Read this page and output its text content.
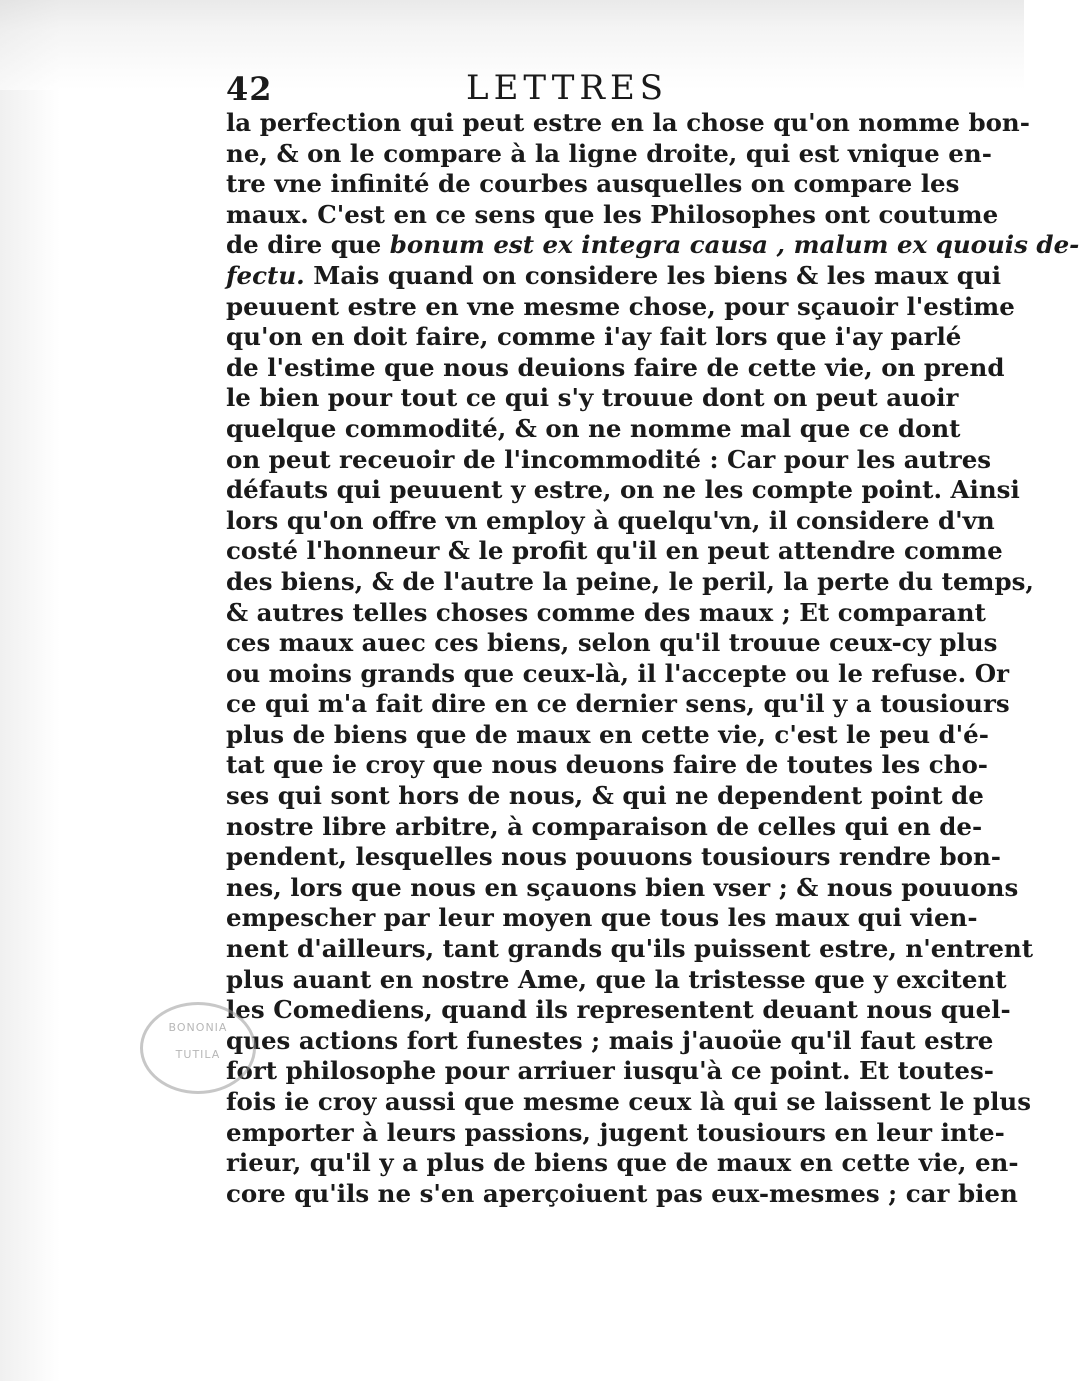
42	LETTRES
la perfection qui peut estre en la chose qu'on nomme bon-
ne, & on le compare à la ligne droite, qui est vnique en-
tre vne infinité de courbes ausquelles on compare les
maux. C'est en ce sens que les Philosophes ont coutume
de dire que bonum est ex integra causa , malum ex quouis de-
fectu. Mais quand on considere les biens & les maux qui
peuuent estre en vne mesme chose, pour sçauoir l'estime
qu'on en doit faire, comme i'ay fait lors que i'ay parlé
de l'estime que nous deuions faire de cette vie, on prend
le bien pour tout ce qui s'y trouue dont on peut auoir
quelque commodité, & on ne nomme mal que ce dont
on peut receuoir de l'incommodité : Car pour les autres
défauts qui peuuent y estre, on ne les compte point. Ainsi
lors qu'on offre vn employ à quelqu'vn, il considere d'vn
costé l'honneur & le profit qu'il en peut attendre comme
des biens, & de l'autre la peine, le peril, la perte du temps,
& autres telles choses comme des maux ; Et comparant
ces maux auec ces biens, selon qu'il trouue ceux-cy plus
ou moins grands que ceux-là, il l'accepte ou le refuse. Or
ce qui m'a fait dire en ce dernier sens, qu'il y a tousiours
plus de biens que de maux en cette vie, c'est le peu d'é-
tat que ie croy que nous deuons faire de toutes les cho-
ses qui sont hors de nous, & qui ne dependent point de
nostre libre arbitre, à comparaison de celles qui en de-
pendent, lesquelles nous pouuons tousiours rendre bon-
nes, lors que nous en sçauons bien vser ; & nous pouuons
empescher par leur moyen que tous les maux qui vien-
nent d'ailleurs, tant grands qu'ils puissent estre, n'entrent
plus auant en nostre Ame, que la tristesse que y excitent
les Comediens, quand ils representent deuant nous quel-
ques actions fort funestes ; mais j'auoüe qu'il faut estre
fort philosophe pour arriuer iusqu'à ce point. Et toutes-
fois ie croy aussi que mesme ceux là qui se laissent le plus
emporter à leurs passions, jugent tousiours en leur inte-
rieur, qu'il y a plus de biens que de maux en cette vie, en-
core qu'ils ne s'en aperçoiuent pas eux-mesmes ; car bien
BONONIA
TUTILA
